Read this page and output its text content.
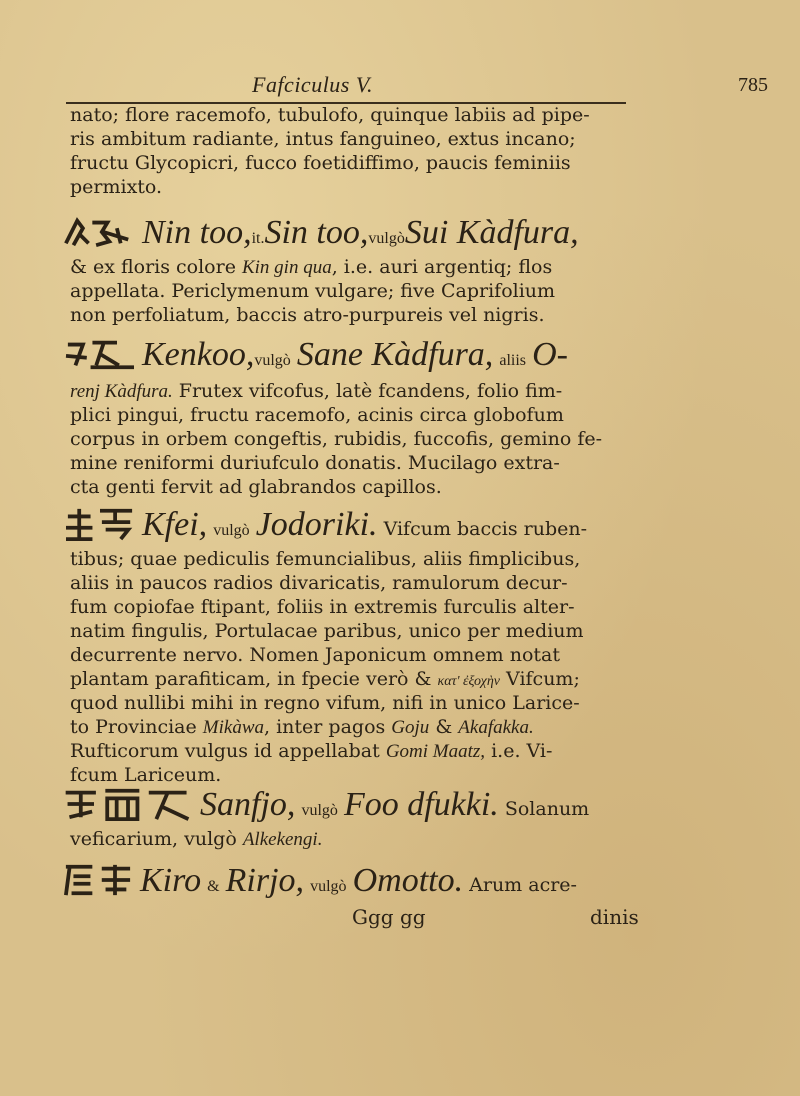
Fafciculus V.	785
nato; flore racemofo, tubulofo, quinque labiis ad pipe-
ris ambitum radiante, intus fanguineo, extus incano;
fructu Glycopicri, fucco foetidiffimo, paucis feminiis
permixto.
Nin too,it.Sin too,vulgòSui Kàdfura,
& ex floris colore Kin gin qua, i.e. auri argentiq; flos
appellata. Periclymenum vulgare; five Caprifolium
non perfoliatum, baccis atro-purpureis vel nigris.
Kenkoo,vulgò Sane Kàdfura, aliis O-
renj Kàdfura. Frutex vifcofus, latè fcandens, folio fim-
plici pingui, fructu racemofo, acinis circa globofum
corpus in orbem congeftis, rubidis, fuccofis, gemino fe-
mine reniformi duriufculo donatis. Mucilago extra-
cta genti fervit ad glabrandos capillos.
Kfei, vulgò Jodoriki. Vifcum baccis ruben-
tibus; quae pediculis femuncialibus, aliis fimplicibus,
aliis in paucos radios divaricatis, ramulorum decur-
fum copiofae ftipant, foliis in extremis furculis alter-
natim fingulis, Portulacae paribus, unico per medium
decurrente nervo. Nomen Japonicum omnem notat
plantam parafiticam, in fpecie verò & κατ' ἐξοχὴν Vifcum;
quod nullibi mihi in regno vifum, nifi in unico Larice-
to Provinciae Mikàwa, inter pagos Goju & Akafakka.
Rufticorum vulgus id appellabat Gomi Maatz, i.e. Vi-
fcum Lariceum.
Sanfjo, vulgò Foo dfukki. Solanum
veficarium, vulgò Alkekengi.
Kiro & Rirjo, vulgò Omotto. Arum acre-
Ggg gg	dinis
